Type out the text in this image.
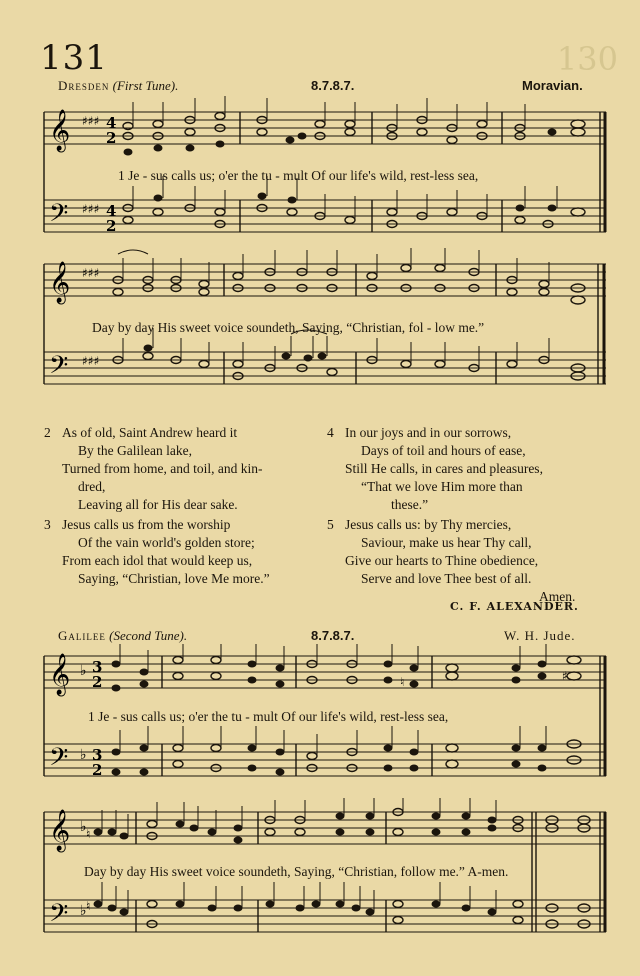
131	130
Dresden (First Tune).	8.7.8.7.	Moravian.
𝄞
𝄢
♯♯♯
♯♯♯
4
2
4
2
1 Je - sus calls us; o'er the tu - mult Of our life's wild, rest-less sea,
𝄞
𝄢
♯♯♯
♯♯♯
Day by day His sweet voice soundeth, Saying, “Christian, fol - low me.”
2 As of old, Saint Andrew heard it
By the Galilean lake,
Turned from home, and toil, and kin-
dred,
Leaving all for His dear sake.
3 Jesus calls us from the worship
Of the vain world's golden store;
From each idol that would keep us,
Saying, “Christian, love Me more.”
4 In our joys and in our sorrows,
Days of toil and hours of ease,
Still He calls, in cares and pleasures,
“That we love Him more than
these.”
5 Jesus calls us: by Thy mercies,
Saviour, make us hear Thy call,
Give our hearts to Thine obedience,
Serve and love Thee best of all.
Amen.
C. F. ALEXANDER.
Galilee (Second Tune).	8.7.8.7.	W. H. Jude.
𝄞
𝄢
♭
♭
3
2
3
2
♮	♯
1 Je - sus calls us; o'er the tu - mult Of our life's wild, rest-less sea,
𝄞
𝄢
♭
♭
♮
♮
Day by day His sweet voice soundeth, Saying, “Christian, follow me.” A-men.
